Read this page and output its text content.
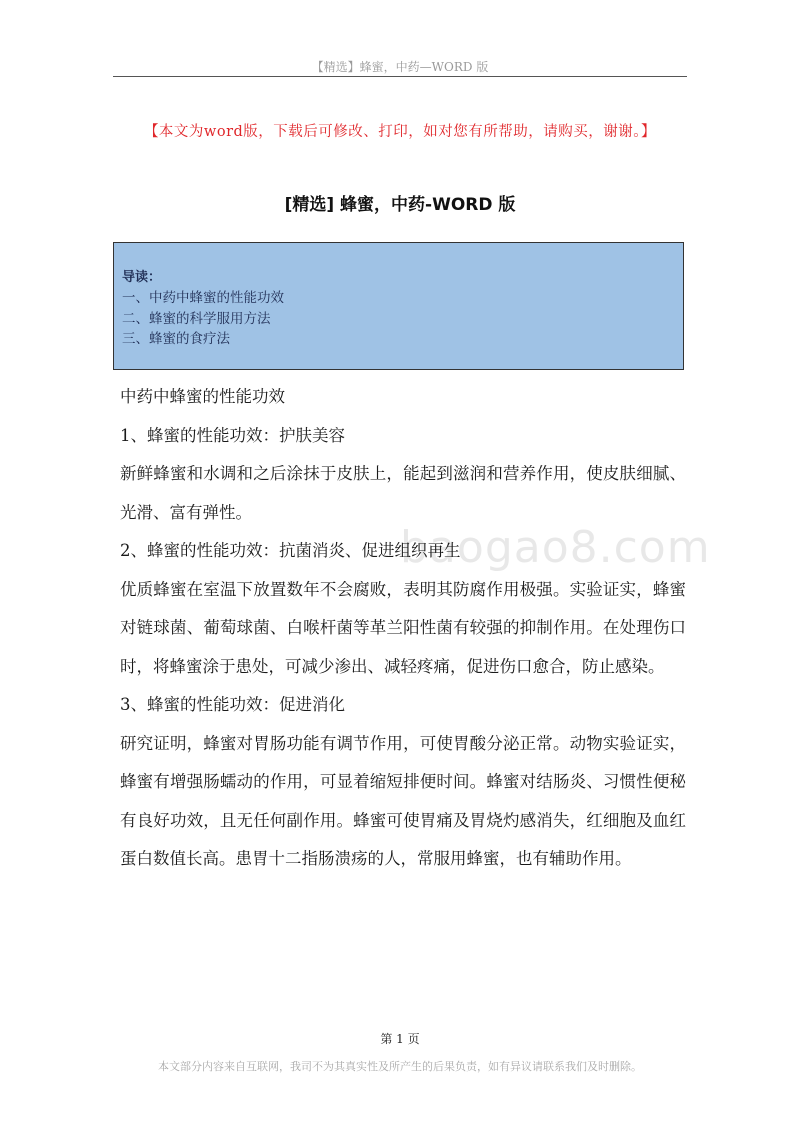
【精选】蜂蜜，中药—WORD 版
【本文为word版，下载后可修改、打印，如对您有所帮助，请购买，谢谢。】
[精选] 蜂蜜，中药-WORD 版

导读：

一、中药中蜂蜜的性能功效

二、蜂蜜的科学服用方法

三、蜂蜜的食疗法

baogao8.com

中药中蜂蜜的性能功效

1、蜂蜜的性能功效：护肤美容

新鲜蜂蜜和水调和之后涂抹于皮肤上，能起到滋润和营养作用，使皮肤细腻、光滑、富有弹性。

2、蜂蜜的性能功效：抗菌消炎、促进组织再生

优质蜂蜜在室温下放置数年不会腐败，表明其防腐作用极强。实验证实，蜂蜜对链球菌、葡萄球菌、白喉杆菌等革兰阳性菌有较强的抑制作用。在处理伤口时，将蜂蜜涂于患处，可减少渗出、减轻疼痛，促进伤口愈合，防止感染。

3、蜂蜜的性能功效：促进消化

研究证明，蜂蜜对胃肠功能有调节作用，可使胃酸分泌正常。动物实验证实，蜂蜜有增强肠蠕动的作用，可显着缩短排便时间。蜂蜜对结肠炎、习惯性便秘有良好功效，且无任何副作用。蜂蜜可使胃痛及胃烧灼感消失，红细胞及血红蛋白数值长高。患胃十二指肠溃疡的人，常服用蜂蜜，也有辅助作用。

第 1 页
本文部分内容来自互联网，我司不为其真实性及所产生的后果负责，如有异议请联系我们及时删除。
